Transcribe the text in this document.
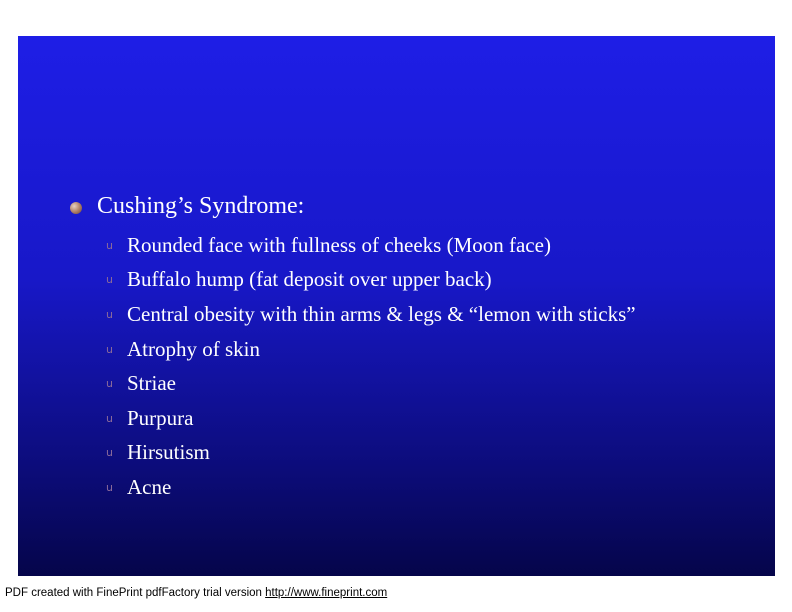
Cushing’s Syndrome:
u Rounded face with fullness of cheeks (Moon face)
u Buffalo hump (fat deposit over upper back)
u Central obesity with thin arms & legs & “lemon with sticks”
u Atrophy of skin
u Striae
u Purpura
u Hirsutism
u Acne
PDF created with FinePrint pdfFactory trial version http://www.fineprint.com
